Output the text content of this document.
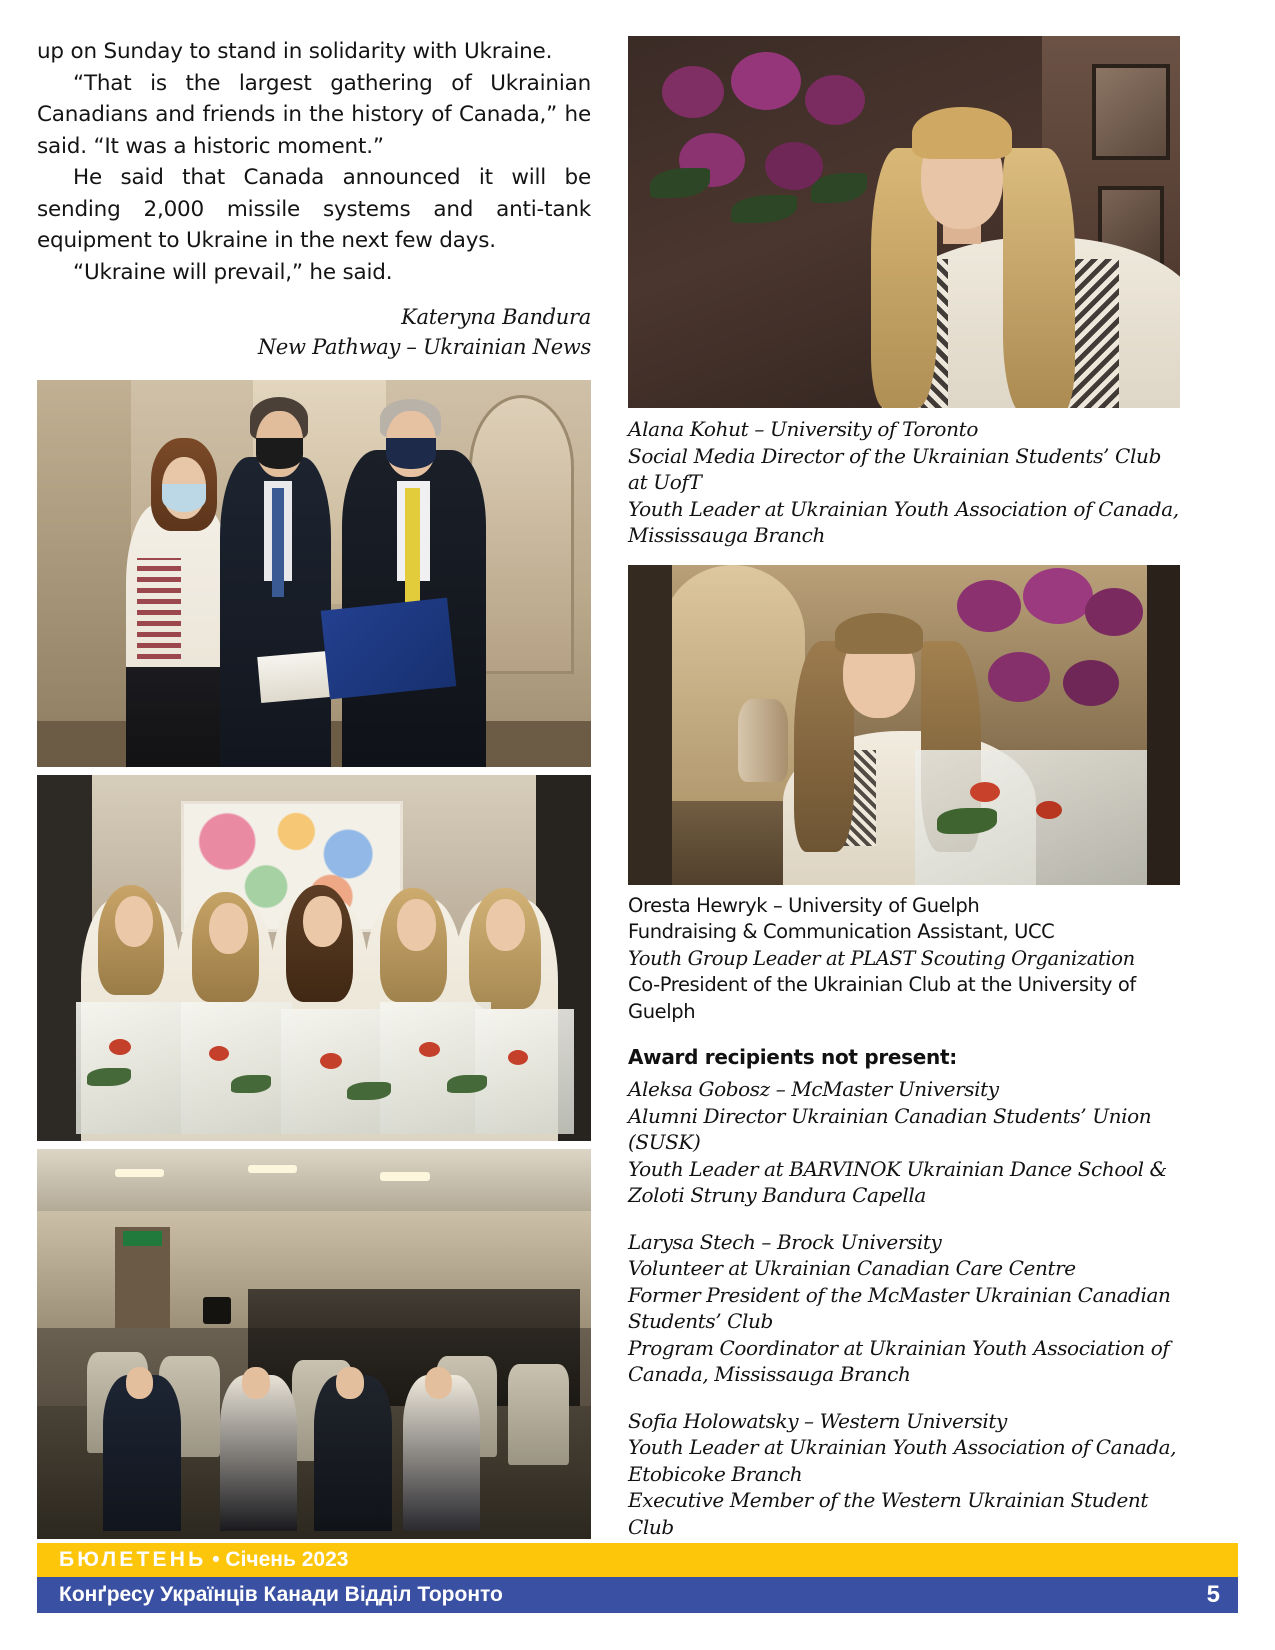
up on Sunday to stand in solidarity with Ukraine.

“That is the largest gathering of Ukrainian Canadians and friends in the history of Canada,” he said. “It was a historic moment.”

He said that Canada announced it will be sending 2,000 missile systems and anti-tank equipment to Ukraine in the next few days.

“Ukraine will prevail,” he said.

Kateryna Bandura
New Pathway – Ukrainian News
Alana Kohut – University of Toronto
Social Media Director of the Ukrainian Students’ Club at UofT
Youth Leader at Ukrainian Youth Association of Canada,
Mississauga Branch
Oresta Hewryk – University of Guelph
Fundraising & Communication Assistant, UCC
Youth Group Leader at PLAST Scouting Organization
Co-President of the Ukrainian Club at the University of
Guelph
Award recipients not present:
Aleksa Gobosz – McMaster University
Alumni Director Ukrainian Canadian Students’ Union (SUSK)
Youth Leader at BARVINOK Ukrainian Dance School &
Zoloti Struny Bandura Capella
Larysa Stech – Brock University
Volunteer at Ukrainian Canadian Care Centre
Former President of the McMaster Ukrainian Canadian
Students’ Club
Program Coordinator at Ukrainian Youth Association of
Canada, Mississauga Branch
Sofia Holowatsky – Western University
Youth Leader at Ukrainian Youth Association of Canada,
Etobicoke Branch
Executive Member of the Western Ukrainian Student Club
БЮЛЕТЕНЬ • Січень 2023
Конґресу Українців Канади Відділ Торонто	5
